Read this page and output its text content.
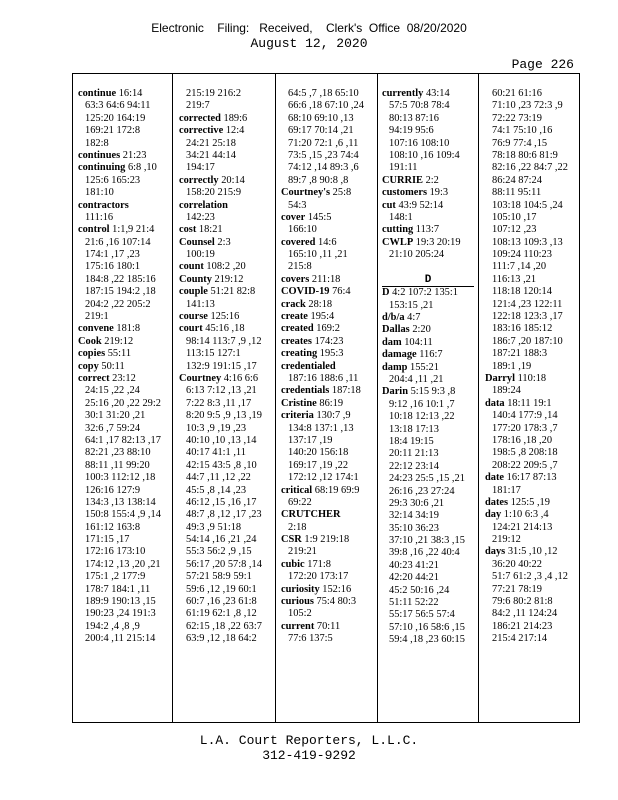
Electronic    Filing:   Received,    Clerk's  Office  08/20/2020
August 12, 2020
Page 226
continue 16:14
63:3 64:6 94:11
125:20 164:19
169:21 172:8
182:8
continues 21:23
continuing 6:8 ,10
125:6 165:23
181:10
contractors
111:16
control 1:1,9 21:4
21:6 ,16 107:14
174:1 ,17 ,23
175:16 180:1
184:8 ,22 185:16
187:15 194:2 ,18
204:2 ,22 205:2
219:1
convene 181:8
Cook 219:12
copies 55:11
copy 50:11
correct 23:12
24:15 ,22 ,24
25:16 ,20 ,22 29:2
30:1 31:20 ,21
32:6 ,7 59:24
64:1 ,17 82:13 ,17
82:21 ,23 88:10
88:11 ,11 99:20
100:3 112:12 ,18
126:16 127:9
134:3 ,13 138:14
150:8 155:4 ,9 ,14
161:12 163:8
171:15 ,17
172:16 173:10
174:12 ,13 ,20 ,21
175:1 ,2 177:9
178:7 184:1 ,11
189:9 190:13 ,15
190:23 ,24 191:3
194:2 ,4 ,8 ,9
200:4 ,11 215:14
215:19 216:2
219:7
corrected 189:6
corrective 12:4
24:21 25:18
34:21 44:14
194:17
correctly 20:14
158:20 215:9
correlation
142:23
cost 18:21
Counsel 2:3
100:19
count 108:2 ,20
County 219:12
couple 51:21 82:8
141:13
course 125:16
court 45:16 ,18
98:14 113:7 ,9 ,12
113:15 127:1
132:9 191:15 ,17
Courtney 4:16 6:6
6:13 7:12 ,13 ,21
7:22 8:3 ,11 ,17
8:20 9:5 ,9 ,13 ,19
10:3 ,9 ,19 ,23
40:10 ,10 ,13 ,14
40:17 41:1 ,11
42:15 43:5 ,8 ,10
44:7 ,11 ,12 ,22
45:5 ,8 ,14 ,23
46:12 ,15 ,16 ,17
48:7 ,8 ,12 ,17 ,23
49:3 ,9 51:18
54:14 ,16 ,21 ,24
55:3 56:2 ,9 ,15
56:17 ,20 57:8 ,14
57:21 58:9 59:1
59:6 ,12 ,19 60:1
60:7 ,16 ,23 61:8
61:19 62:1 ,8 ,12
62:15 ,18 ,22 63:7
63:9 ,12 ,18 64:2
64:5 ,7 ,18 65:10
66:6 ,18 67:10 ,24
68:10 69:10 ,13
69:17 70:14 ,21
71:20 72:1 ,6 ,11
73:5 ,15 ,23 74:4
74:12 ,14 89:3 ,6
89:7 ,8 90:8 ,8
Courtney's 25:8
54:3
cover 145:5
166:10
covered 14:6
165:10 ,11 ,21
215:8
covers 211:18
COVID-19 76:4
crack 28:18
create 195:4
created 169:2
creates 174:23
creating 195:3
credentialed
187:16 188:6 ,11
credentials 187:18
Cristine 86:19
criteria 130:7 ,9
134:8 137:1 ,13
137:17 ,19
140:20 156:18
169:17 ,19 ,22
172:12 ,12 174:1
critical 68:19 69:9
69:22
CRUTCHER
2:18
CSR 1:9 219:18
219:21
cubic 171:8
172:20 173:17
curiosity 152:16
curious 75:4 80:3
105:2
current 70:11
77:6 137:5
currently 43:14
57:5 70:8 78:4
80:13 87:16
94:19 95:6
107:16 108:10
108:10 ,16 109:4
191:11
CURRIE 2:2
customers 19:3
cut 43:9 52:14
148:1
cutting 113:7
CWLP 19:3 20:19
21:10 205:24

D
D 4:2 107:2 135:1
153:15 ,21
d/b/a 4:7
Dallas 2:20
dam 104:11
damage 116:7
damp 155:21
204:4 ,11 ,21
Darin 5:15 9:3 ,8
9:12 ,16 10:1 ,7
10:18 12:13 ,22
13:18 17:13
18:4 19:15
20:11 21:13
22:12 23:14
24:23 25:5 ,15 ,21
26:16 ,23 27:24
29:3 30:6 ,21
32:14 34:19
35:10 36:23
37:10 ,21 38:3 ,15
39:8 ,16 ,22 40:4
40:23 41:21
42:20 44:21
45:2 50:16 ,24
51:11 52:22
55:17 56:5 57:4
57:10 ,16 58:6 ,15
59:4 ,18 ,23 60:15
60:21 61:16
71:10 ,23 72:3 ,9
72:22 73:19
74:1 75:10 ,16
76:9 77:4 ,15
78:18 80:6 81:9
82:16 ,22 84:7 ,22
86:24 87:24
88:11 95:11
103:18 104:5 ,24
105:10 ,17
107:12 ,23
108:13 109:3 ,13
109:24 110:23
111:7 ,14 ,20
116:13 ,21
118:18 120:14
121:4 ,23 122:11
122:18 123:3 ,17
183:16 185:12
186:7 ,20 187:10
187:21 188:3
189:1 ,19
Darryl 110:18
189:24
data 18:11 19:1
140:4 177:9 ,14
177:20 178:3 ,7
178:16 ,18 ,20
198:5 ,8 208:18
208:22 209:5 ,7
date 16:17 87:13
181:17
dates 125:5 ,19
day 1:10 6:3 ,4
124:21 214:13
219:12
days 31:5 ,10 ,12
36:20 40:22
51:7 61:2 ,3 ,4 ,12
77:21 78:19
79:6 80:2 81:8
84:2 ,11 124:24
186:21 214:23
215:4 217:14
L.A. Court Reporters, L.L.C.
312-419-9292
